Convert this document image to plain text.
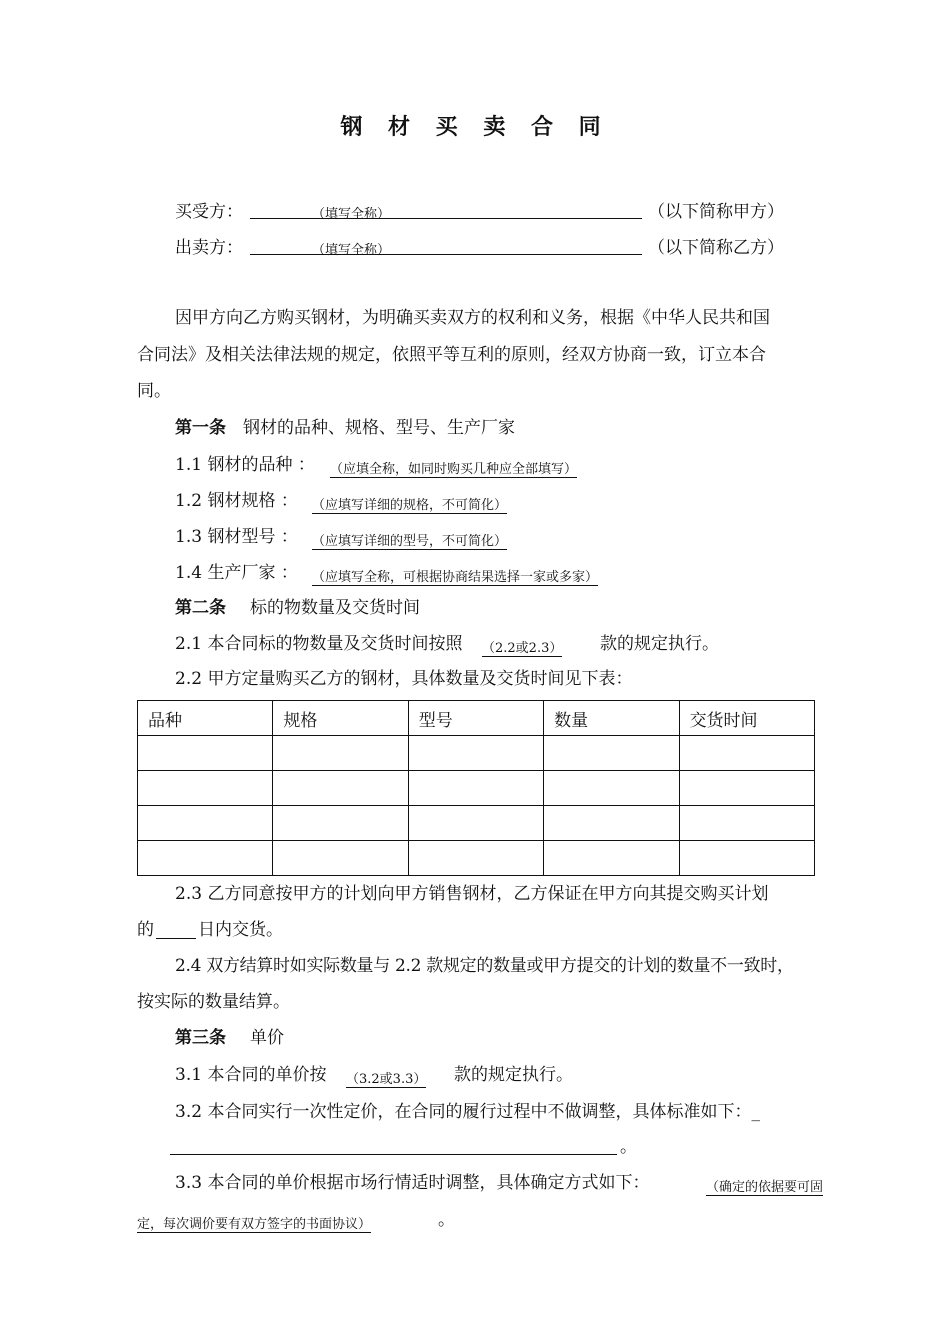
钢 材 买 卖 合 同
买受方：	（填写全称）	（以下简称甲方）
出卖方：	（填写全称）	（以下简称乙方）
因甲方向乙方购买钢材，为明确买卖双方的权利和义务，根据《中华人民共和国
合同法》及相关法律法规的规定，依照平等互利的原则，经双方协商一致，订立本合
同。
第一条 钢材的品种、规格、型号、生产厂家
1.1 钢材的品种 ： （应填全称，如同时购买几种应全部填写）
1.2 钢材规格 ： （应填写详细的规格，不可简化）
1.3 钢材型号 ： （应填写详细的型号，不可简化）
1.4 生产厂家 ： （应填写全称，可根据协商结果选择一家或多家）
第二条 标的物数量及交货时间
2.1 本合同标的物数量及交货时间按照 （2.2或2.3） 款的规定执行。
2.2 甲方定量购买乙方的钢材，具体数量及交货时间见下表：
品种	规格	型号	数量	交货时间

2.3 乙方同意按甲方的计划向甲方销售钢材，乙方保证在甲方向其提交购买计划
的	日内交货。
2.4 双方结算时如实际数量与 2.2 款规定的数量或甲方提交的计划的数量不一致时，
按实际的数量结算。
第三条 单价
3.1 本合同的单价按 （3.2或3.3） 款的规定执行。
3.2 本合同实行一次性定价，在合同的履行过程中不做调整，具体标准如下：_
。
3.3 本合同的单价根据市场行情适时调整，具体确定方式如下：	（确定的依据要可固
定，每次调价要有双方签字的书面协议）	。
